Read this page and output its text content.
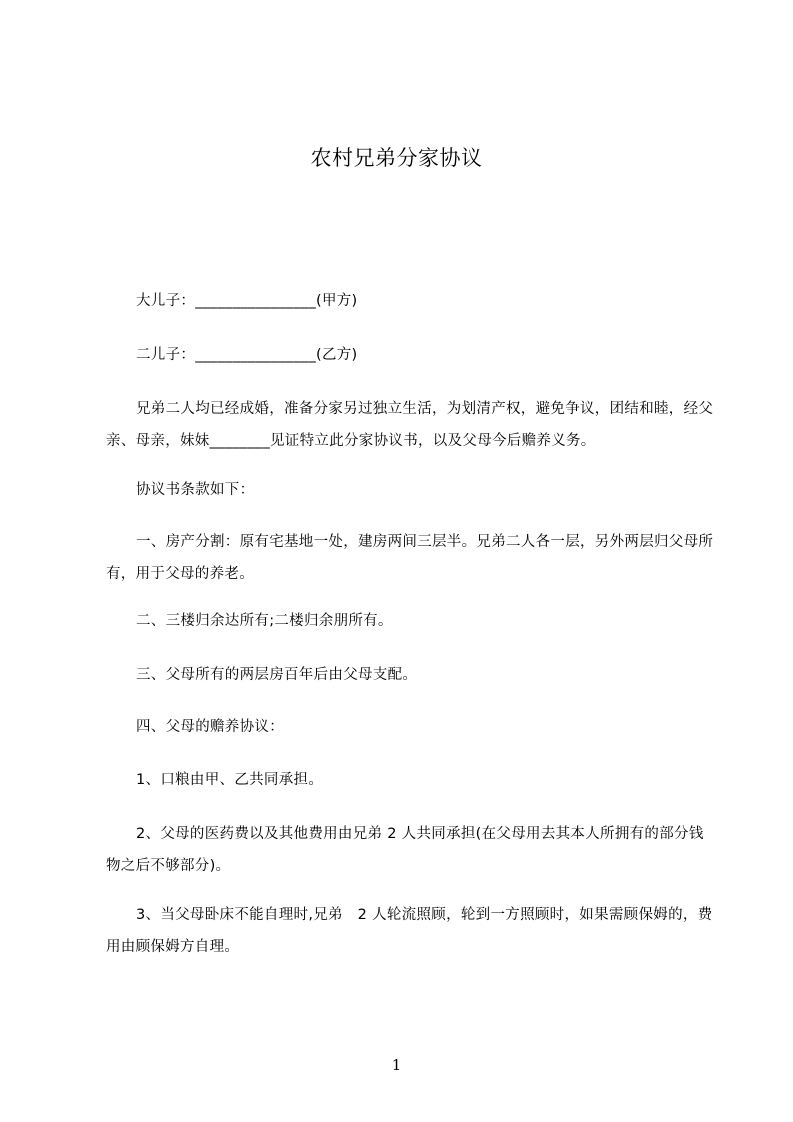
农村兄弟分家协议

大儿子：________________(甲方)

二儿子：________________(乙方)

兄弟二人均已经成婚，准备分家另过独立生活，为划清产权，避免争议，团结和睦，经父亲、母亲，妹妹________见证特立此分家协议书，以及父母今后赡养义务。

协议书条款如下：

一、房产分割：原有宅基地一处，建房两间三层半。兄弟二人各一层，另外两层归父母所有，用于父母的养老。

二、三楼归余达所有;二楼归余朋所有。

三、父母所有的两层房百年后由父母支配。

四、父母的赡养协议：

1、口粮由甲、乙共同承担。

2、父母的医药费以及其他费用由兄弟 2 人共同承担(在父母用去其本人所拥有的部分钱物之后不够部分)。

3、当父母卧床不能自理时,兄弟　2 人轮流照顾，轮到一方照顾时，如果需顾保姆的，费用由顾保姆方自理。

1
